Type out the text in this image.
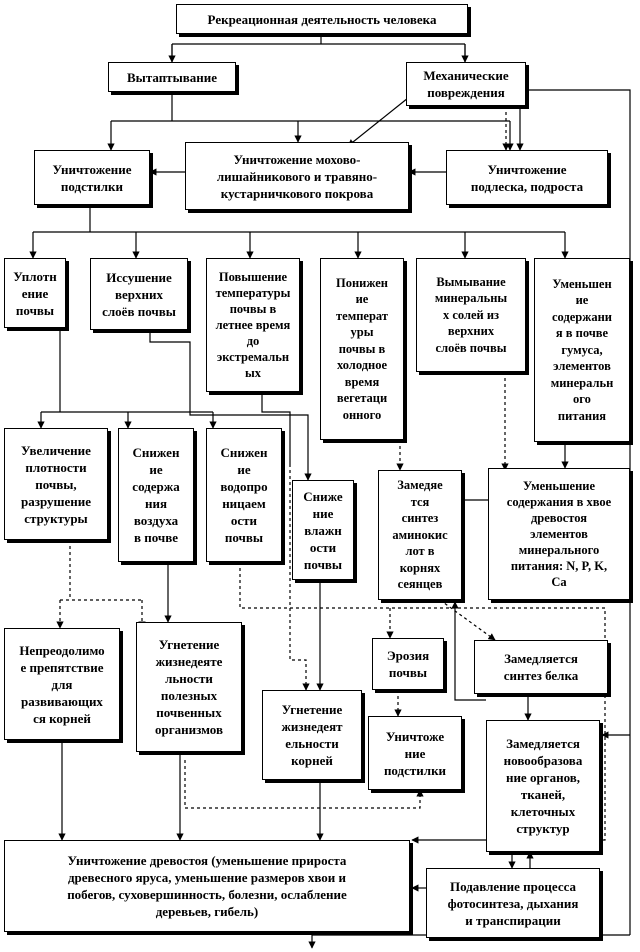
Рекреационная деятельность человека
Вытаптывание	Механические
повреждения
Уничтожение
подстилки
Уничтожение мохово-
лишайникового и травяно-
кустарничкового покрова
Уничтожение
подлеска, подроста
Уплотн
ение
почвы
Иссушение
верхних
слоёв почвы
Повышение
температуры
почвы в
летнее время
до
экстремальн
ых
Понижен
ие
температ
уры
почвы в
холодное
время
вегетаци
онного
Вымывание
минеральны
х солей из
верхних
слоёв почвы
Уменьшен
ие
содержани
я в почве
гумуса,
элементов
минеральн
ого
питания
Увеличение
плотности
почвы,
разрушение
структуры
Снижен
ие
содержа
ния
воздуха
в почве
Снижен
ие
водопро
ницаем
ости
почвы
Сниже
ние
влажн
ости
почвы
Замедяе
тся
синтез
аминокис
лот в
корнях
сеянцев
Уменьшение
содержания в хвое
древостоя
элементов
минерального
питания: N, P, K,
Ca
Непреодолимо
е препятствие
для
развивающих
ся корней
Угнетение
жизнедеяте
льности
полезных
почвенных
организмов
Угнетение
жизнедеят
ельности
корней
Эрозия
почвы
Замедляется
синтез белка
Уничтоже
ние
подстилки
Замедляется
новообразова
ние органов,
тканей,
клеточных
структур
Уничтожение древостоя (уменьшение прироста
древесного яруса, уменьшение размеров хвои и
побегов, суховершинность, болезни, ослабление
деревьев, гибель)
Подавление процесса
фотосинтеза, дыхания
и транспирации
